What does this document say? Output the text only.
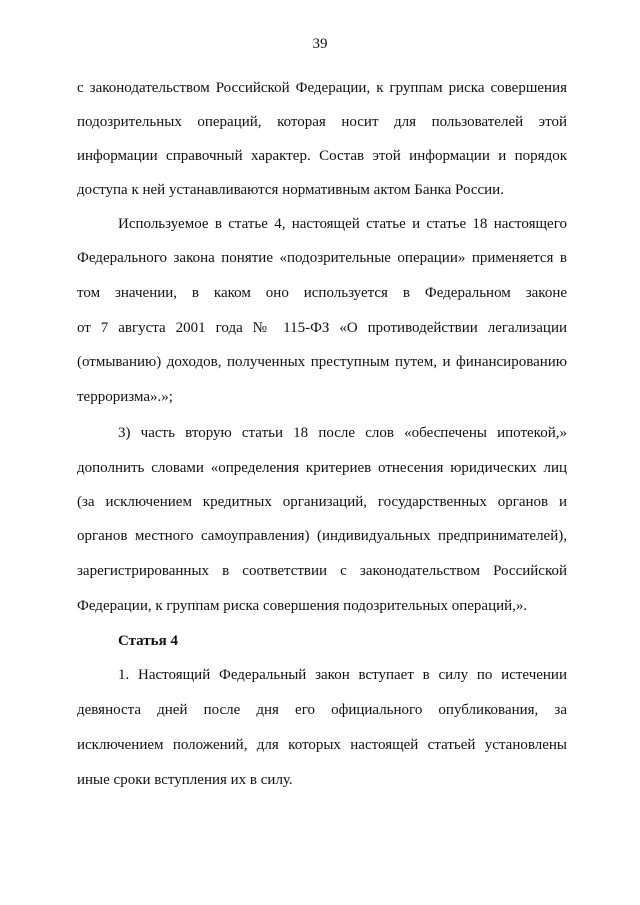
39
с законодательством Российской Федерации, к группам риска совершения
подозрительных операций, которая носит для пользователей этой
информации справочный характер. Состав этой информации и порядок
доступа к ней устанавливаются нормативным актом Банка России.
Используемое в статье 4, настоящей статье и статье 18 настоящего
Федерального закона понятие «подозрительные операции» применяется в
том значении, в каком оно используется в Федеральном законе
от 7 августа 2001 года № 115-ФЗ «О противодействии легализации
(отмыванию) доходов, полученных преступным путем, и финансированию
терроризма».»;
3) часть вторую статьи 18 после слов «обеспечены ипотекой,»
дополнить словами «определения критериев отнесения юридических лиц
(за исключением кредитных организаций, государственных органов и
органов местного самоуправления) (индивидуальных предпринимателей),
зарегистрированных в соответствии с законодательством Российской
Федерации, к группам риска совершения подозрительных операций,».
Статья 4
1. Настоящий Федеральный закон вступает в силу по истечении
девяноста дней после дня его официального опубликования, за
исключением положений, для которых настоящей статьей установлены
иные сроки вступления их в силу.
